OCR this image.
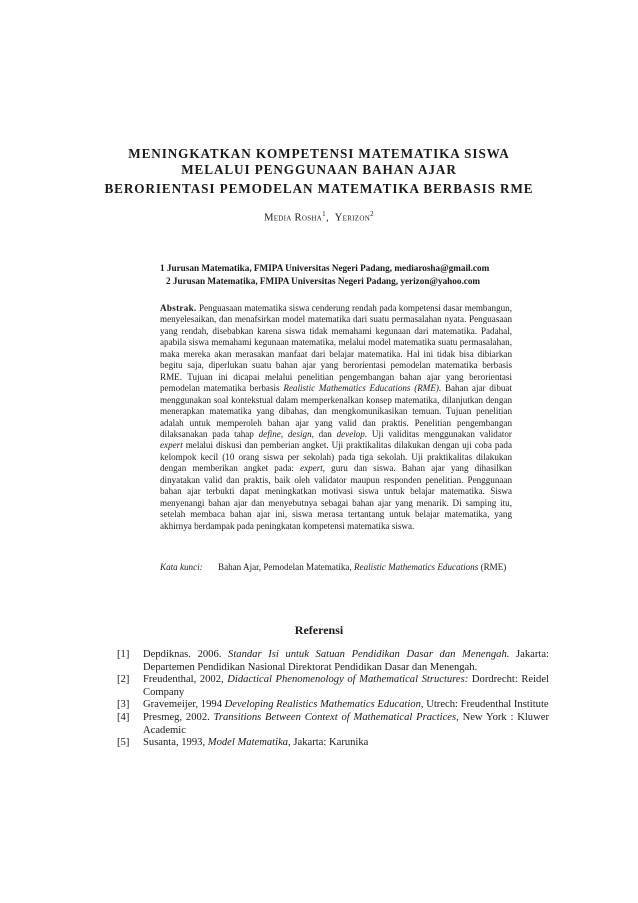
MENINGKATKAN KOMPETENSI MATEMATIKA SISWA
MELALUI PENGGUNAAN BAHAN AJAR
BERORIENTASI PEMODELAN MATEMATIKA BERBASIS RME
Media Rosha$^1$, Yerizon$^2$
1 Jurusan Matematika, FMIPA Universitas Negeri Padang, mediarosha@gmail.com
2 Jurusan Matematika, FMIPA Universitas Negeri Padang, yerizon@yahoo.com
Abstrak. Penguasaan matematika siswa cenderung rendah pada kompetensi dasar membangun, menyelesaikan, dan menafsirkan model matematika dari suatu permasalahan nyata. Penguasaan yang rendah, disebabkan karena siswa tidak memahami kegunaan dari matematika. Padahal, apabila siswa memahami kegunaan matematika, melalui model matematika suatu permasalahan, maka mereka akan merasakan manfaat dari belajar matematika. Hal ini tidak bisa dibiarkan begitu saja, diperlukan suatu bahan ajar yang berorientasi pemodelan matematika berbasis RME. Tujuan ini dicapai melalui penelitian pengembangan bahan ajar yang berorientasi pemodelan matematika berbasis Realistic Mathematics Educations (RME). Bahan ajar dibuat menggunakan soal kontekstual dalam memperkenalkan konsep matematika, dilanjutkan dengan menerapkan matematika yang dibahas, dan mengkomunikasikan temuan. Tujuan penelitian adalah untuk memperoleh bahan ajar yang valid dan praktis. Penelitian pengembangan dilaksanakan pada tahap define, design, dan develop. Uji validitas menggunakan validator expert melalui diskusi dan pemberian angket. Uji praktikalitas dilakukan dengan uji coba pada kelompok kecil (10 orang siswa per sekolah) pada tiga sekolah. Uji praktikalitas dilakukan dengan memberikan angket pada: expert, guru dan siswa. Bahan ajar yang dihasilkan dinyatakan valid dan praktis, baik oleh validator maupun responden penelitian. Penggunaan bahan ajar terbukti dapat meningkatkan motivasi siswa untuk belajar matematika. Siswa menyenangi bahan ajar dan menyebutnya sebagai bahan ajar yang menarik. Di samping itu, setelah membaca bahan ajar ini, siswa merasa tertantang untuk belajar matematika, yang akhirnya berdampak pada peningkatan kompetensi matematika siswa.
Kata kunci: Bahan Ajar, Pemodelan Matematika, Realistic Mathematics Educations (RME)
Referensi
[1] Depdiknas. 2006. Standar Isi untuk Satuan Pendidikan Dasar dan Menengah. Jakarta: Departemen Pendidikan Nasional Direktorat Pendidikan Dasar dan Menengah.
[2] Freudenthal, 2002, Didactical Phenomenology of Mathematical Structures: Dordrecht: Reidel Company
[3] Gravemeijer, 1994 Developing Realistics Mathematics Education, Utrech: Freudenthal Institute
[4] Presmeg, 2002. Transitions Between Context of Mathematical Practices, New York : Kluwer Academic
[5] Susanta, 1993, Model Matematika, Jakarta: Karunika
